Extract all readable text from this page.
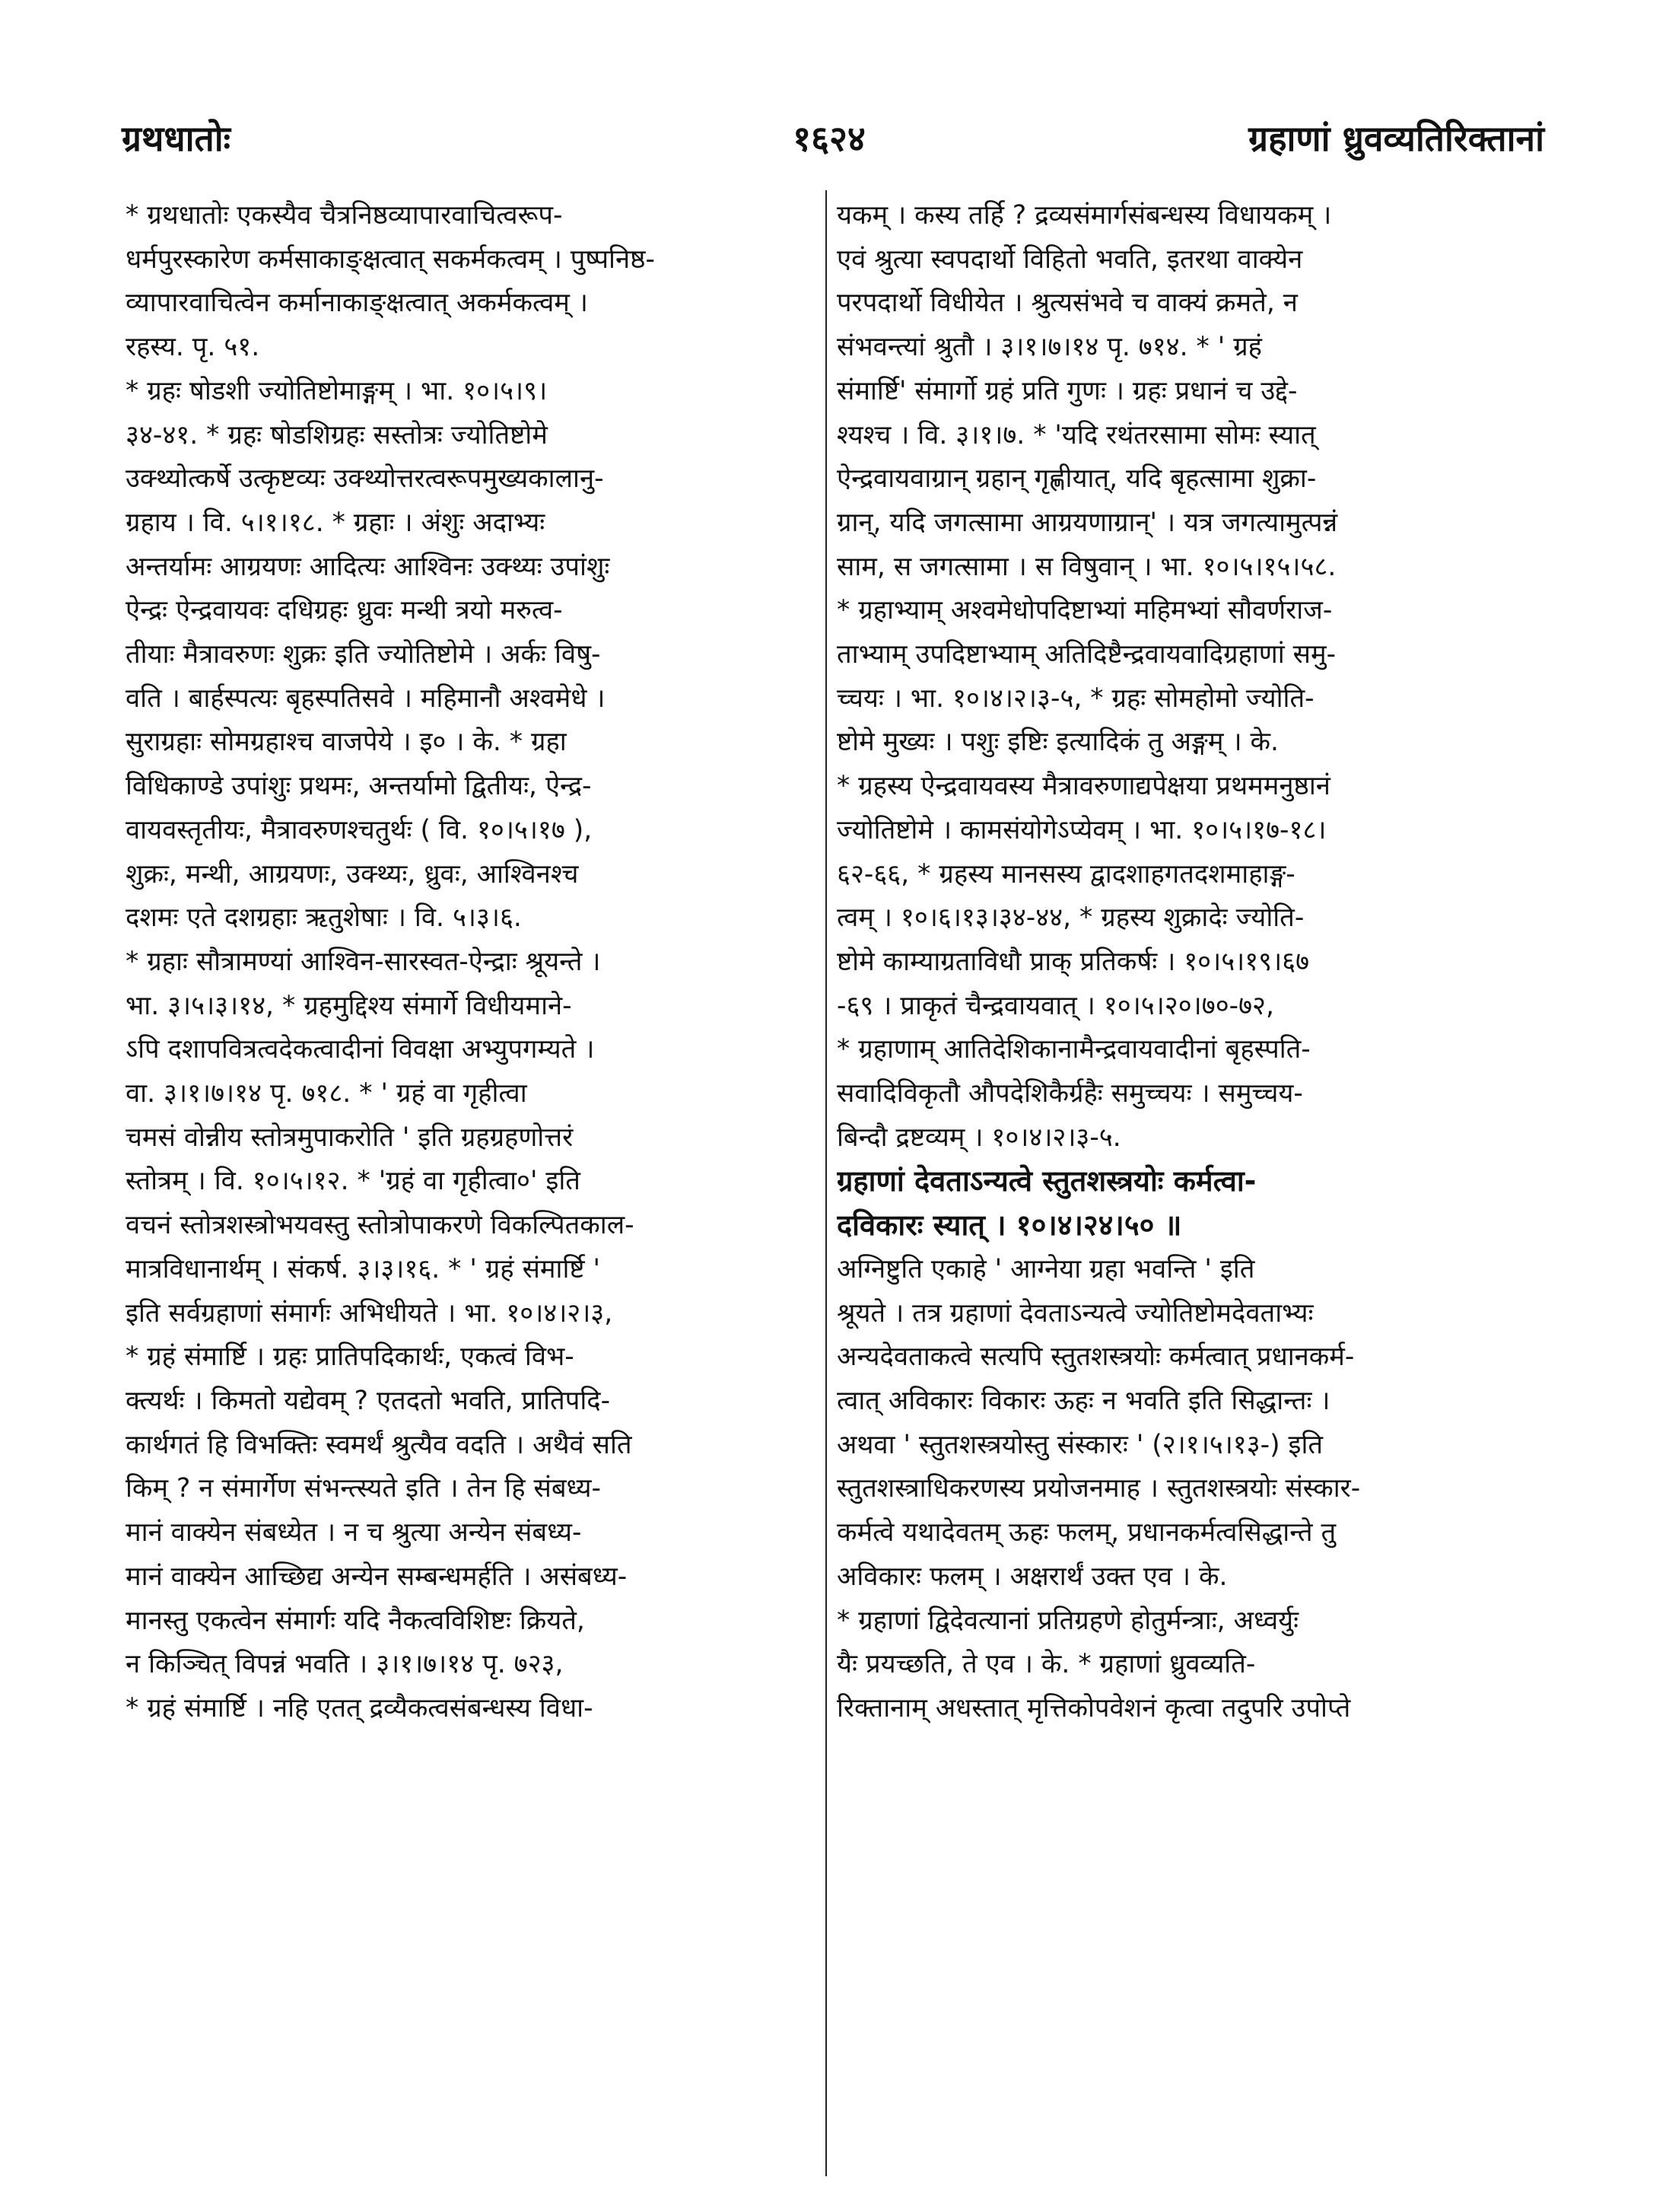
ग्रथधातोः	१६२४	ग्रहाणां ध्रुवव्यतिरिक्तानां
* ग्रथधातोः एकस्यैव चैत्रनिष्ठव्यापारवाचित्वरूप-
धर्मपुरस्कारेण कर्मसाकाङ्क्षत्वात् सकर्मकत्वम् । पुष्पनिष्ठ-
व्यापारवाचित्वेन कर्मानाकाङ्क्षत्वात् अकर्मकत्वम् ।
रहस्य. पृ. ५१.
* ग्रहः षोडशी ज्योतिष्टोमाङ्गम् । भा. १०।५।९।
३४-४१. * ग्रहः षोडशिग्रहः सस्तोत्रः ज्योतिष्टोमे
उक्थ्योत्कर्षे उत्कृष्टव्यः उक्थ्योत्तरत्वरूपमुख्यकालानु-
ग्रहाय । वि. ५।१।१८. * ग्रहाः । अंशुः अदाभ्यः
अन्तर्यामः आग्रयणः आदित्यः आश्विनः उक्थ्यः उपांशुः
ऐन्द्रः ऐन्द्रवायवः दधिग्रहः ध्रुवः मन्थी त्रयो मरुत्व-
तीयाः मैत्रावरुणः शुक्रः इति ज्योतिष्टोमे । अर्कः विषु-
वति । बार्हस्पत्यः बृहस्पतिसवे । महिमानौ अश्वमेधे ।
सुराग्रहाः सोमग्रहाश्च वाजपेये । इ० । के. * ग्रहा
विधिकाण्डे उपांशुः प्रथमः, अन्तर्यामो द्वितीयः, ऐन्द्र-
वायवस्तृतीयः, मैत्रावरुणश्चतुर्थः ( वि. १०।५।१७ ),
शुक्रः, मन्थी, आग्रयणः, उक्थ्यः, ध्रुवः, आश्विनश्च
दशमः एते दशग्रहाः ऋतुशेषाः । वि. ५।३।६.
* ग्रहाः सौत्रामण्यां आश्विन-सारस्वत-ऐन्द्राः श्रूयन्ते ।
भा. ३।५।३।१४, * ग्रहमुद्दिश्य संमार्गे विधीयमाने-
ऽपि दशापवित्रत्वदेकत्वादीनां विवक्षा अभ्युपगम्यते ।
वा. ३।१।७।१४ पृ. ७१८. * ' ग्रहं वा गृहीत्वा
चमसं वोन्नीय स्तोत्रमुपाकरोति ' इति ग्रहग्रहणोत्तरं
स्तोत्रम् । वि. १०।५।१२. * 'ग्रहं वा गृहीत्वा०' इति
वचनं स्तोत्रशस्त्रोभयवस्तु स्तोत्रोपाकरणे विकल्पितकाल-
मात्रविधानार्थम् । संकर्ष. ३।३।१६. * ' ग्रहं संमार्ष्टि '
इति सर्वग्रहाणां संमार्गः अभिधीयते । भा. १०।४।२।३,
* ग्रहं संमार्ष्टि । ग्रहः प्रातिपदिकार्थः, एकत्वं विभ-
क्त्यर्थः । किमतो यद्येवम् ? एतदतो भवति, प्रातिपदि-
कार्थगतं हि विभक्तिः स्वमर्थं श्रुत्यैव वदति । अथैवं सति
किम् ? न संमार्गेण संभन्त्स्यते इति । तेन हि संबध्य-
मानं वाक्येन संबध्येत । न च श्रुत्या अन्येन संबध्य-
मानं वाक्येन आच्छिद्य अन्येन सम्बन्धमर्हति । असंबध्य-
मानस्तु एकत्वेन संमार्गः यदि नैकत्वविशिष्टः क्रियते,
न किञ्चित् विपन्नं भवति । ३।१।७।१४ पृ. ७२३,
* ग्रहं संमार्ष्टि । नहि एतत् द्रव्यैकत्वसंबन्धस्य विधा-
यकम् । कस्य तर्हि ? द्रव्यसंमार्गसंबन्धस्य विधायकम् ।
एवं श्रुत्या स्वपदार्थो विहितो भवति, इतरथा वाक्येन
परपदार्थो विधीयेत । श्रुत्यसंभवे च वाक्यं क्रमते, न
संभवन्त्यां श्रुतौ । ३।१।७।१४ पृ. ७१४. * ' ग्रहं
संमार्ष्टि' संमार्गो ग्रहं प्रति गुणः । ग्रहः प्रधानं च उद्दे-
श्यश्च । वि. ३।१।७. * 'यदि रथंतरसामा सोमः स्यात्
ऐन्द्रवायवाग्रान् ग्रहान् गृह्णीयात्, यदि बृहत्सामा शुक्रा-
ग्रान्, यदि जगत्सामा आग्रयणाग्रान्' । यत्र जगत्यामुत्पन्नं
साम, स जगत्सामा । स विषुवान् । भा. १०।५।१५।५८.
* ग्रहाभ्याम् अश्वमेधोपदिष्टाभ्यां महिमभ्यां सौवर्णराज-
ताभ्याम् उपदिष्टाभ्याम् अतिदिष्टैन्द्रवायवादिग्रहाणां समु-
च्चयः । भा. १०।४।२।३-५, * ग्रहः सोमहोमो ज्योति-
ष्टोमे मुख्यः । पशुः इष्टिः इत्यादिकं तु अङ्गम् । के.
* ग्रहस्य ऐन्द्रवायवस्य मैत्रावरुणाद्यपेक्षया प्रथममनुष्ठानं
ज्योतिष्टोमे । कामसंयोगेऽप्येवम् । भा. १०।५।१७-१८।
६२-६६, * ग्रहस्य मानसस्य द्वादशाहगतदशमाहाङ्ग-
त्वम् । १०।६।१३।३४-४४, * ग्रहस्य शुक्रादेः ज्योति-
ष्टोमे काम्याग्रताविधौ प्राक् प्रतिकर्षः । १०।५।१९।६७
-६९ । प्राकृतं चैन्द्रवायवात् । १०।५।२०।७०-७२,
* ग्रहाणाम् आतिदेशिकानामैन्द्रवायवादीनां बृहस्पति-
सवादिविकृतौ औपदेशिकैर्ग्रहैः समुच्चयः । समुच्चय-
बिन्दौ द्रष्टव्यम् । १०।४।२।३-५.
ग्रहाणां देवताऽन्यत्वे स्तुतशस्त्रयोः कर्मत्वा-
दविकारः स्यात् । १०।४।२४।५० ॥
अग्निष्टुति एकाहे ' आग्नेया ग्रहा भवन्ति ' इति
श्रूयते । तत्र ग्रहाणां देवताऽन्यत्वे ज्योतिष्टोमदेवताभ्यः
अन्यदेवताकत्वे सत्यपि स्तुतशस्त्रयोः कर्मत्वात् प्रधानकर्म-
त्वात् अविकारः विकारः ऊहः न भवति इति सिद्धान्तः ।
अथवा ' स्तुतशस्त्रयोस्तु संस्कारः ' (२।१।५।१३-) इति
स्तुतशस्त्राधिकरणस्य प्रयोजनमाह । स्तुतशस्त्रयोः संस्कार-
कर्मत्वे यथादेवतम् ऊहः फलम्, प्रधानकर्मत्वसिद्धान्ते तु
अविकारः फलम् । अक्षरार्थं उक्त एव । के.
* ग्रहाणां द्विदेवत्यानां प्रतिग्रहणे होतुर्मन्त्राः, अध्वर्युः
यैः प्रयच्छति, ते एव । के. * ग्रहाणां ध्रुवव्यति-
रिक्तानाम् अधस्तात् मृत्तिकोपवेशनं कृत्वा तदुपरि उपोप्ते
